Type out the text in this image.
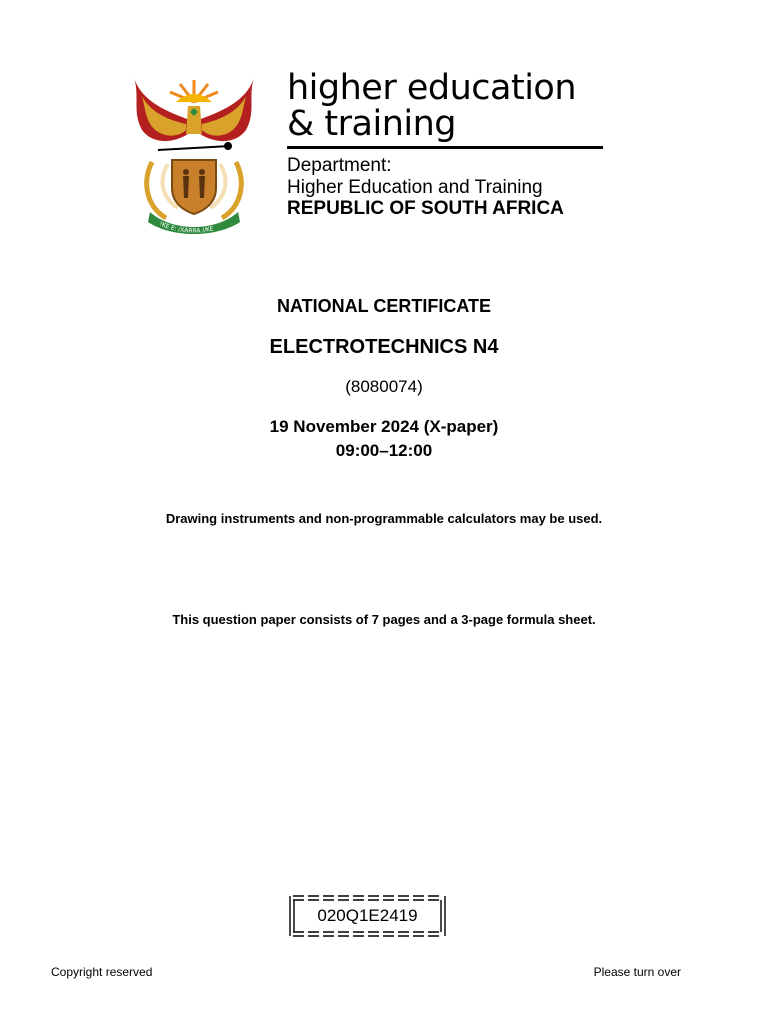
!KE E: /XARRA //KE
higher education
& training
Department:
Higher Education and Training
REPUBLIC OF SOUTH AFRICA
NATIONAL CERTIFICATE
ELECTROTECHNICS N4
(8080074)
19 November 2024 (X-paper)
09:00–12:00
Drawing instruments and non-programmable calculators may be used.
This question paper consists of 7 pages and a 3-page formula sheet.
020Q1E2419
Copyright reserved	Please turn over
